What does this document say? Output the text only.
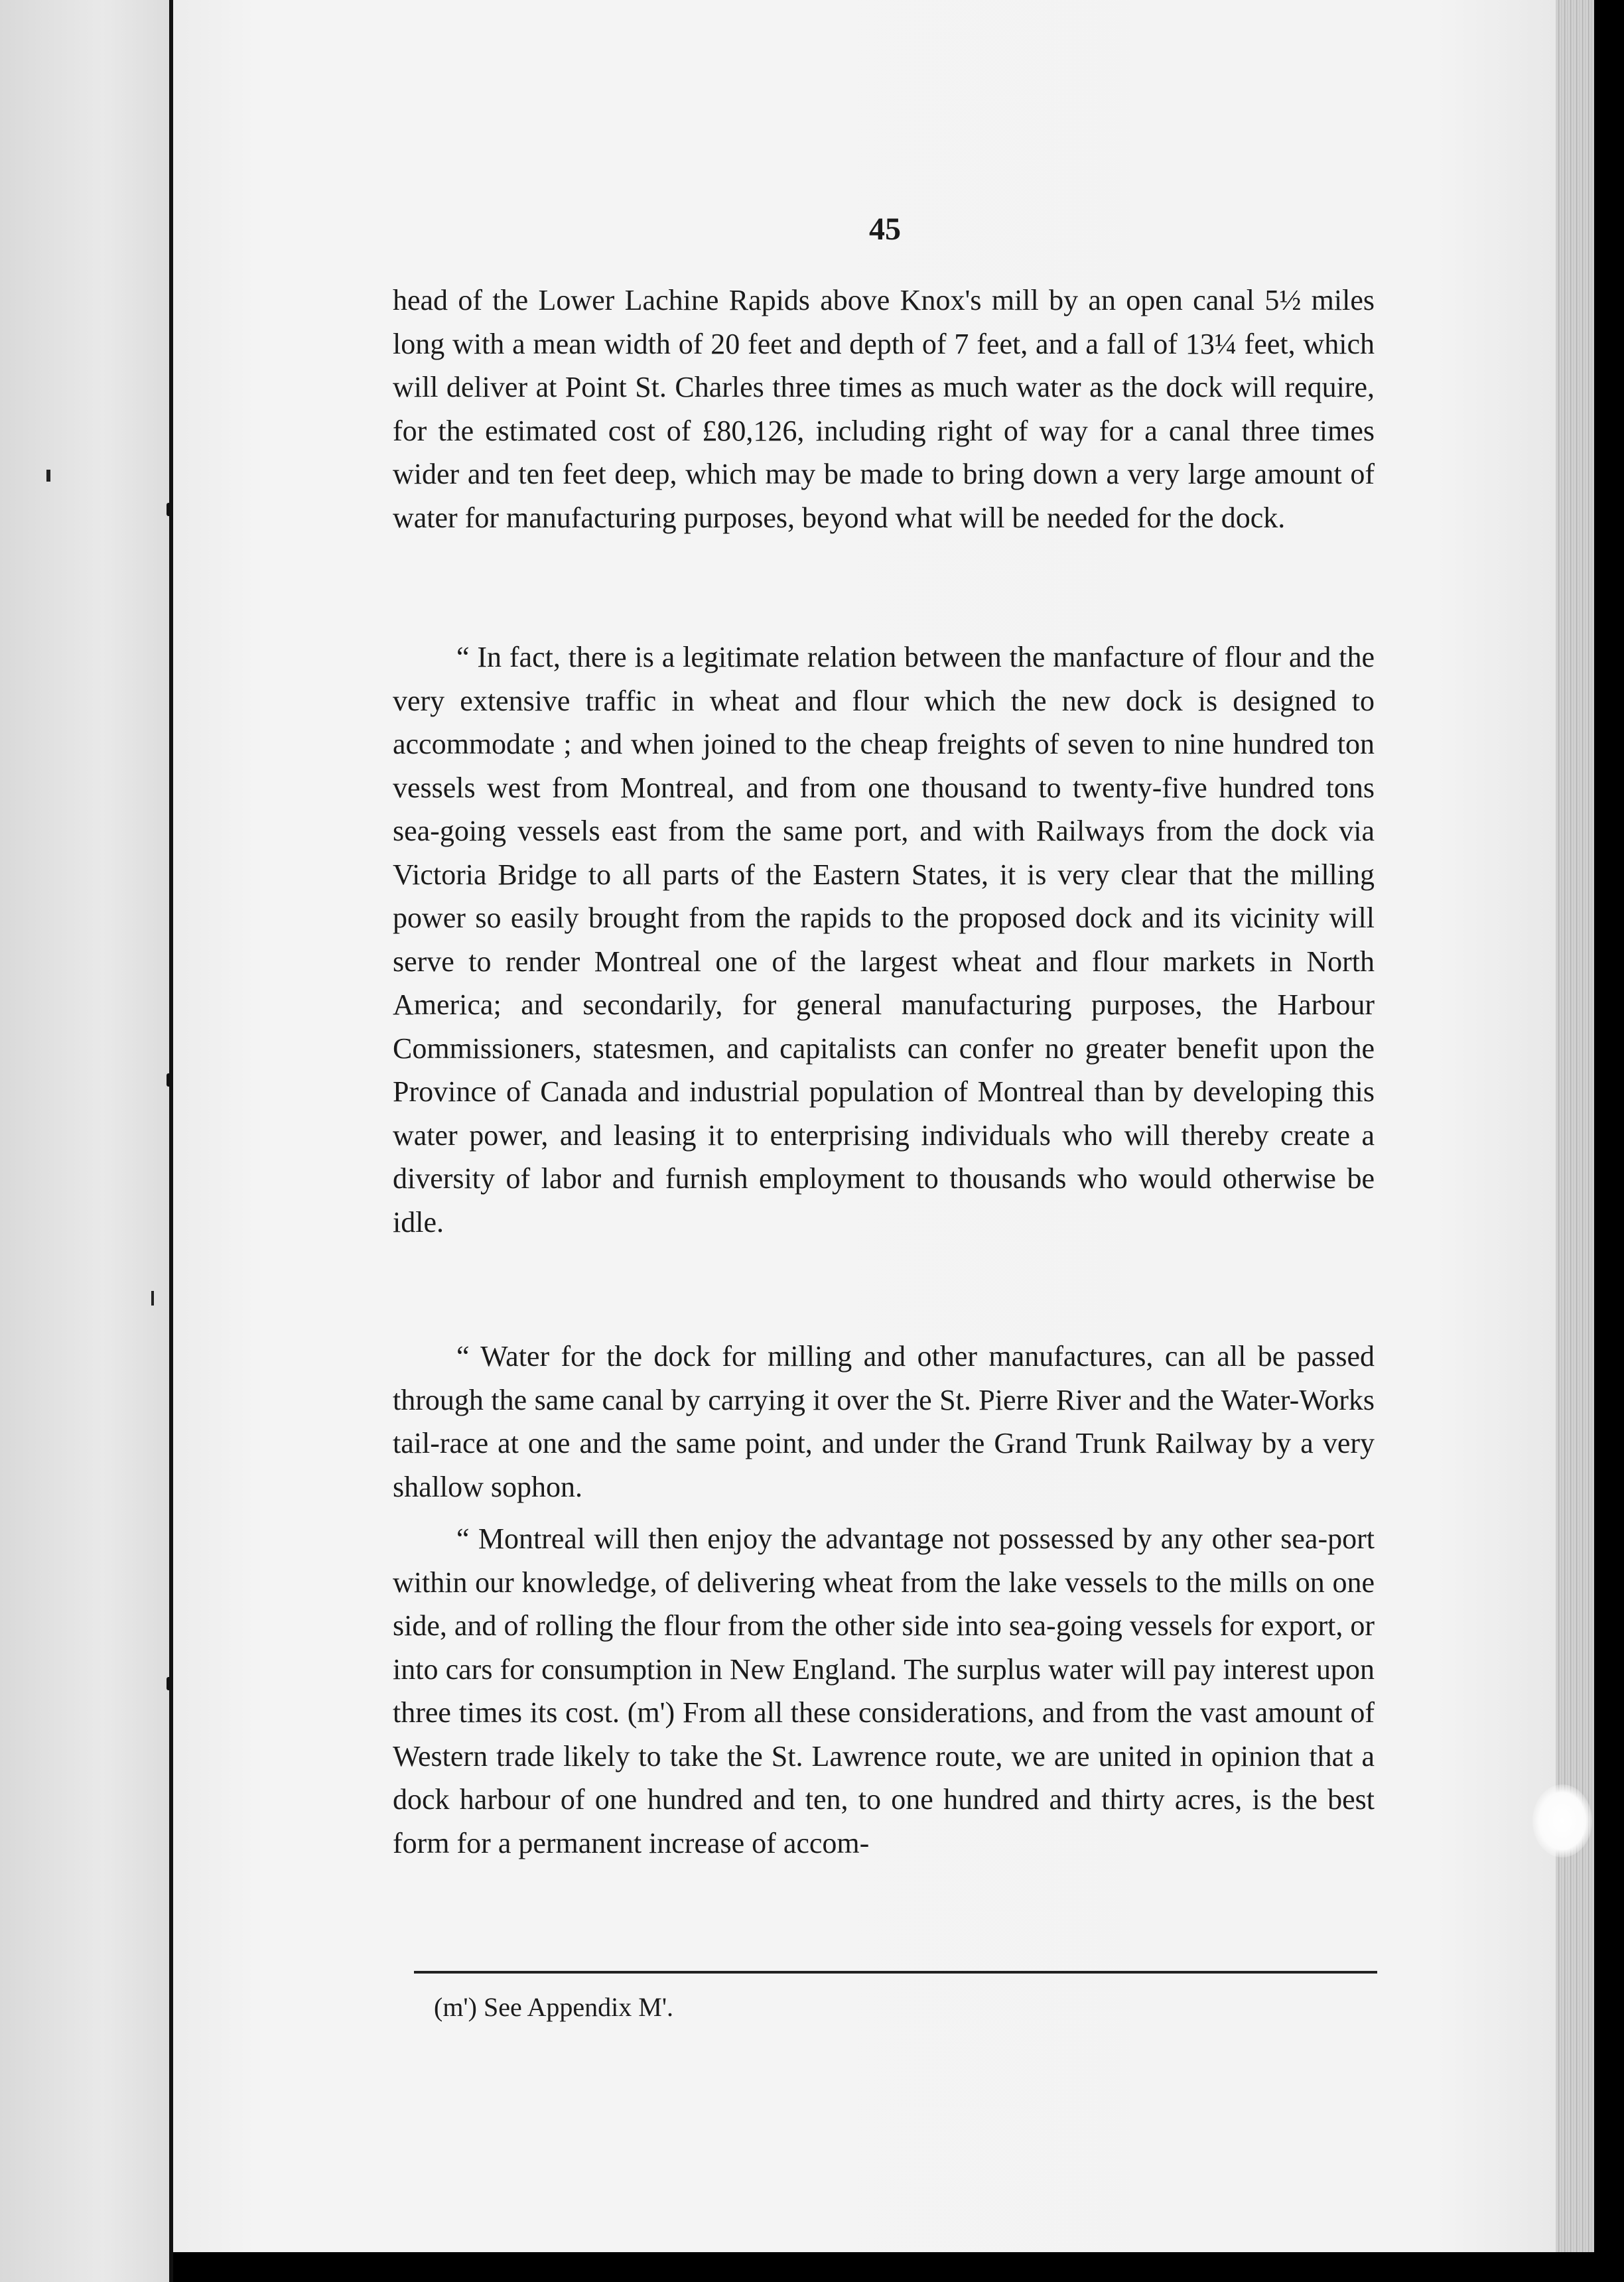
45

head of the Lower Lachine Rapids above Knox's mill by an open canal 5½ miles long with a mean width of 20 feet and depth of 7 feet, and a fall of 13¼ feet, which will deliver at Point St. Charles three times as much water as the dock will require, for the estimated cost of £80,126, including right of way for a canal three times wider and ten feet deep, which may be made to bring down a very large amount of water for manufacturing purposes, beyond what will be needed for the dock.

“ In fact, there is a legitimate relation between the manfacture of flour and the very extensive traffic in wheat and flour which the new dock is designed to accommodate ; and when joined to the cheap freights of seven to nine hundred ton vessels west from Montreal, and from one thousand to twenty-five hundred tons sea-going vessels east from the same port, and with Railways from the dock via Victoria Bridge to all parts of the Eastern States, it is very clear that the milling power so easily brought from the rapids to the proposed dock and its vicinity will serve to render Montreal one of the largest wheat and flour markets in North America; and secondarily, for general manufacturing purposes, the Harbour Commissioners, statesmen, and capitalists can confer no greater benefit upon the Province of Canada and industrial population of Montreal than by developing this water power, and leasing it to enterprising individuals who will thereby create a diversity of labor and furnish employment to thousands who would otherwise be idle.

“ Water for the dock for milling and other manufactures, can all be passed through the same canal by carrying it over the St. Pierre River and the Water-Works tail-race at one and the same point, and under the Grand Trunk Railway by a very shallow sophon.

“ Montreal will then enjoy the advantage not possessed by any other sea-port within our knowledge, of delivering wheat from the lake vessels to the mills on one side, and of rolling the flour from the other side into sea-going vessels for export, or into cars for consumption in New England. The surplus water will pay interest upon three times its cost. (m') From all these considerations, and from the vast amount of Western trade likely to take the St. Lawrence route, we are united in opinion that a dock harbour of one hundred and ten, to one hundred and thirty acres, is the best form for a permanent increase of accom-

(m') See Appendix M'.
